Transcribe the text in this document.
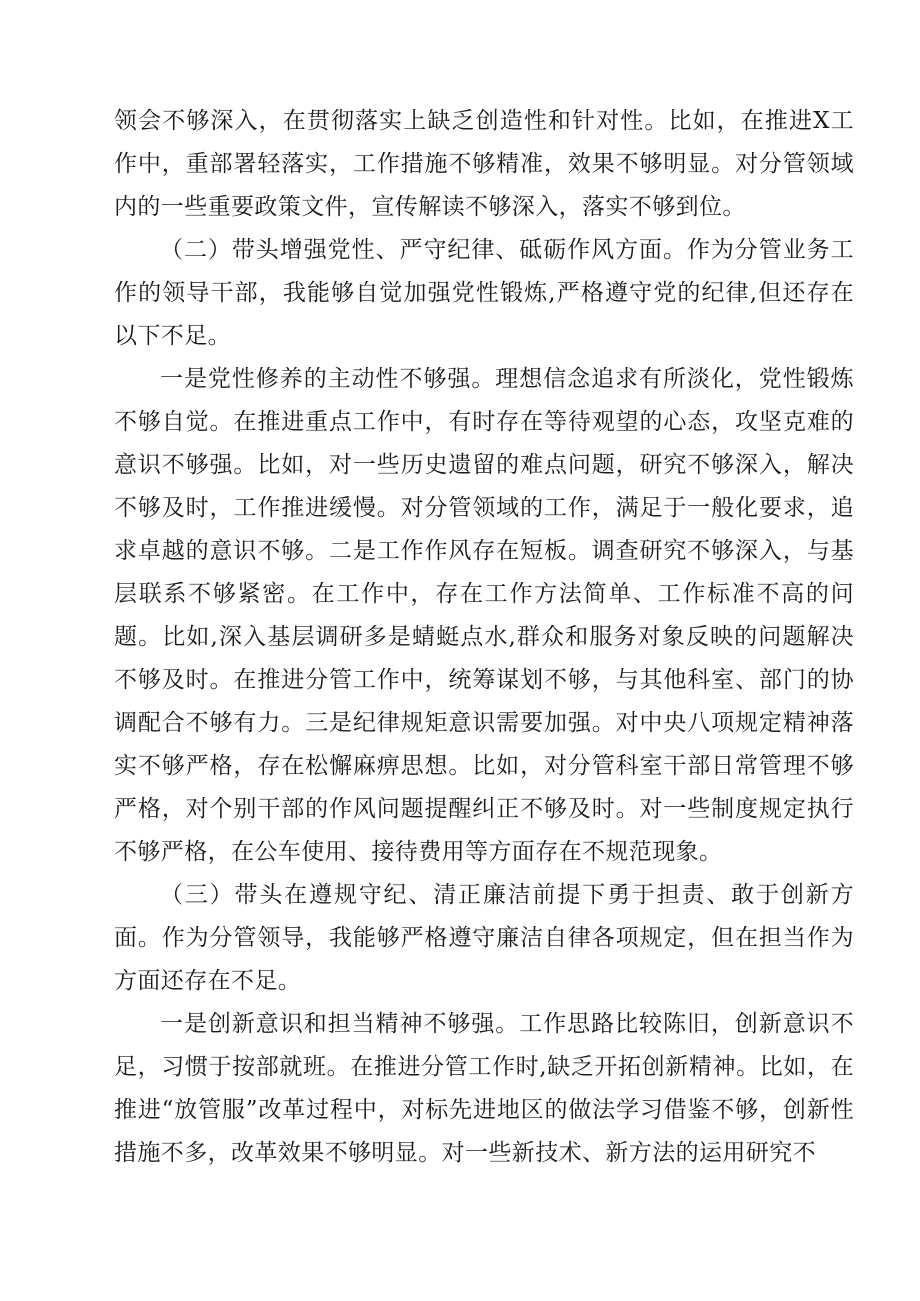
领会不够深入，在贯彻落实上缺乏创造性和针对性。比如，在推进X工作中，重部署轻落实，工作措施不够精准，效果不够明显。对分管领域内的一些重要政策文件，宣传解读不够深入，落实不够到位。

（二）带头增强党性、严守纪律、砥砺作风方面。作为分管业务工作的领导干部，我能够自觉加强党性锻炼,严格遵守党的纪律,但还存在以下不足。

一是党性修养的主动性不够强。理想信念追求有所淡化，党性锻炼不够自觉。在推进重点工作中，有时存在等待观望的心态，攻坚克难的意识不够强。比如，对一些历史遗留的难点问题，研究不够深入，解决不够及时，工作推进缓慢。对分管领域的工作，满足于一般化要求，追求卓越的意识不够。二是工作作风存在短板。调查研究不够深入，与基层联系不够紧密。在工作中，存在工作方法简单、工作标准不高的问题。比如,深入基层调研多是蜻蜓点水,群众和服务对象反映的问题解决不够及时。在推进分管工作中，统筹谋划不够，与其他科室、部门的协调配合不够有力。三是纪律规矩意识需要加强。对中央八项规定精神落实不够严格，存在松懈麻痹思想。比如，对分管科室干部日常管理不够严格，对个别干部的作风问题提醒纠正不够及时。对一些制度规定执行不够严格，在公车使用、接待费用等方面存在不规范现象。

（三）带头在遵规守纪、清正廉洁前提下勇于担责、敢于创新方面。作为分管领导，我能够严格遵守廉洁自律各项规定，但在担当作为方面还存在不足。

一是创新意识和担当精神不够强。工作思路比较陈旧，创新意识不足，习惯于按部就班。在推进分管工作时,缺乏开拓创新精神。比如，在推进“放管服”改革过程中，对标先进地区的做法学习借鉴不够，创新性措施不多，改革效果不够明显。对一些新技术、新方法的运用研究不
